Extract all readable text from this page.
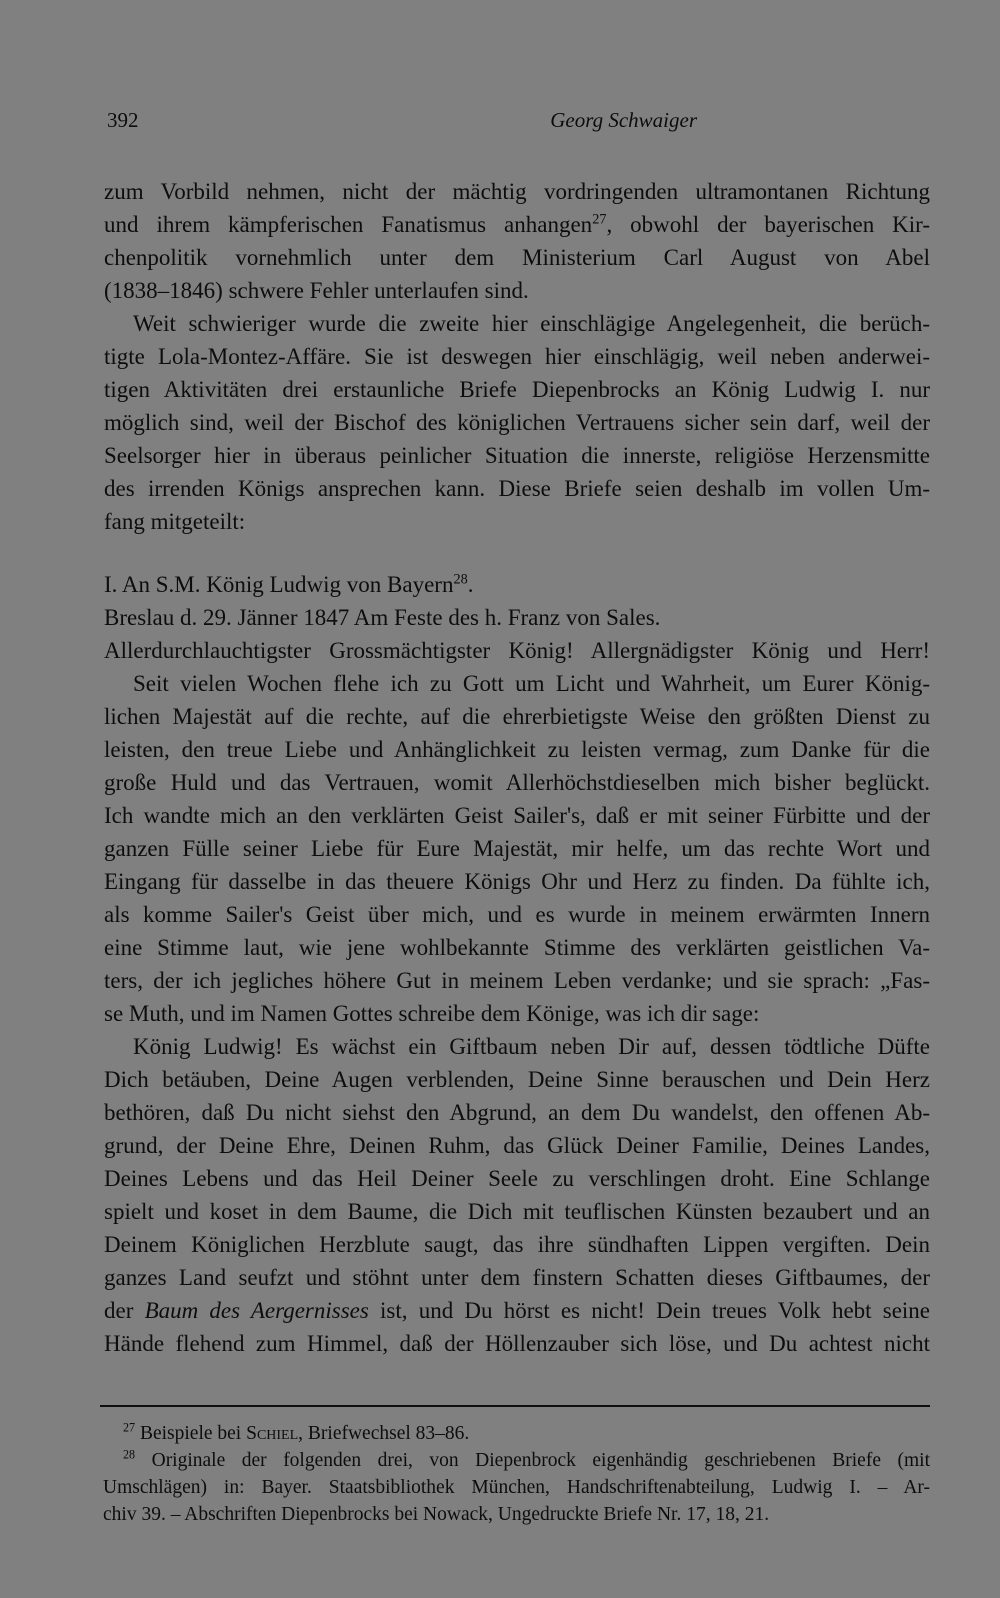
392	Georg Schwaiger
zum Vorbild nehmen, nicht der mächtig vordringenden ultramontanen Richtung
und ihrem kämpferischen Fanatismus anhangen$^{27}$, obwohl der bayerischen Kir-
chenpolitik vornehmlich unter dem Ministerium Carl August von Abel
(1838–1846) schwere Fehler unterlaufen sind.
Weit schwieriger wurde die zweite hier einschlägige Angelegenheit, die berüch-
tigte Lola-Montez-Affäre. Sie ist deswegen hier einschlägig, weil neben anderwei-
tigen Aktivitäten drei erstaunliche Briefe Diepenbrocks an König Ludwig I. nur
möglich sind, weil der Bischof des königlichen Vertrauens sicher sein darf, weil der
Seelsorger hier in überaus peinlicher Situation die innerste, religiöse Herzensmitte
des irrenden Königs ansprechen kann. Diese Briefe seien deshalb im vollen Um-
fang mitgeteilt:
I. An S.M. König Ludwig von Bayern$^{28}$.
Breslau d. 29. Jänner 1847 Am Feste des h. Franz von Sales.
Allerdurchlauchtigster Grossmächtigster König! Allergnädigster König und Herr!
Seit vielen Wochen flehe ich zu Gott um Licht und Wahrheit, um Eurer König-
lichen Majestät auf die rechte, auf die ehrerbietigste Weise den größten Dienst zu
leisten, den treue Liebe und Anhänglichkeit zu leisten vermag, zum Danke für die
große Huld und das Vertrauen, womit Allerhöchstdieselben mich bisher beglückt.
Ich wandte mich an den verklärten Geist Sailer's, daß er mit seiner Fürbitte und der
ganzen Fülle seiner Liebe für Eure Majestät, mir helfe, um das rechte Wort und
Eingang für dasselbe in das theuere Königs Ohr und Herz zu finden. Da fühlte ich,
als komme Sailer's Geist über mich, und es wurde in meinem erwärmten Innern
eine Stimme laut, wie jene wohlbekannte Stimme des verklärten geistlichen Va-
ters, der ich jegliches höhere Gut in meinem Leben verdanke; und sie sprach: „Fas-
se Muth, und im Namen Gottes schreibe dem Königе, was ich dir sage:
König Ludwig! Es wächst ein Giftbaum neben Dir auf, dessen tödtliche Düfte
Dich betäuben, Deine Augen verblenden, Deine Sinne berauschen und Dein Herz
bethören, daß Du nicht siehst den Abgrund, an dem Du wandelst, den offenen Ab-
grund, der Deine Ehre, Deinen Ruhm, das Glück Deiner Familie, Deines Landes,
Deines Lebens und das Heil Deiner Seele zu verschlingen droht. Eine Schlange
spielt und koset in dem Baume, die Dich mit teuflischen Künsten bezaubert und an
Deinem Königlichen Herzblute saugt, das ihre sündhaften Lippen vergiften. Dein
ganzes Land seufzt und stöhnt unter dem finstern Schatten dieses Giftbaumes, der
der Baum des Aergernisses ist, und Du hörst es nicht! Dein treues Volk hebt seine
Hände flehend zum Himmel, daß der Höllenzauber sich löse, und Du achtest nicht
$^{27}$ Beispiele bei Schiel, Briefwechsel 83–86.
$^{28}$ Originale der folgenden drei, von Diepenbrock eigenhändig geschriebenen Briefe (mit
Umschlägen) in: Bayer. Staatsbibliothek München, Handschriftenabteilung, Ludwig I. – Ar-
chiv 39. – Abschriften Diepenbrocks bei Nowack, Ungedruckte Briefe Nr. 17, 18, 21.
